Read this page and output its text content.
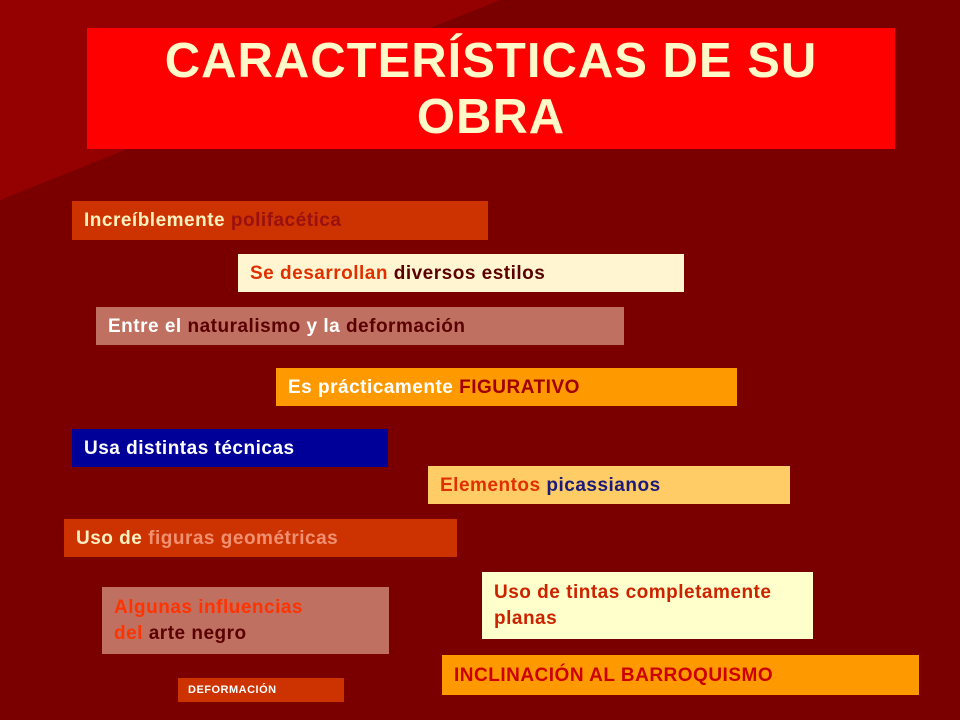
CARACTERÍSTICAS DE SU
OBRA
Increíblemente
polifacética
Se desarrollan
diversos estilos
Entre el
naturalismo
y la
deformación
Es prácticamente
FIGURATIVO
Usa distintas técnicas
Elementos
picassianos
Uso de
figuras geométricas
Algunas influencias
del arte negro
Uso de tintas completamente planas
INCLINACIÓN AL BARROQUISMO
DEFORMACIÓN
